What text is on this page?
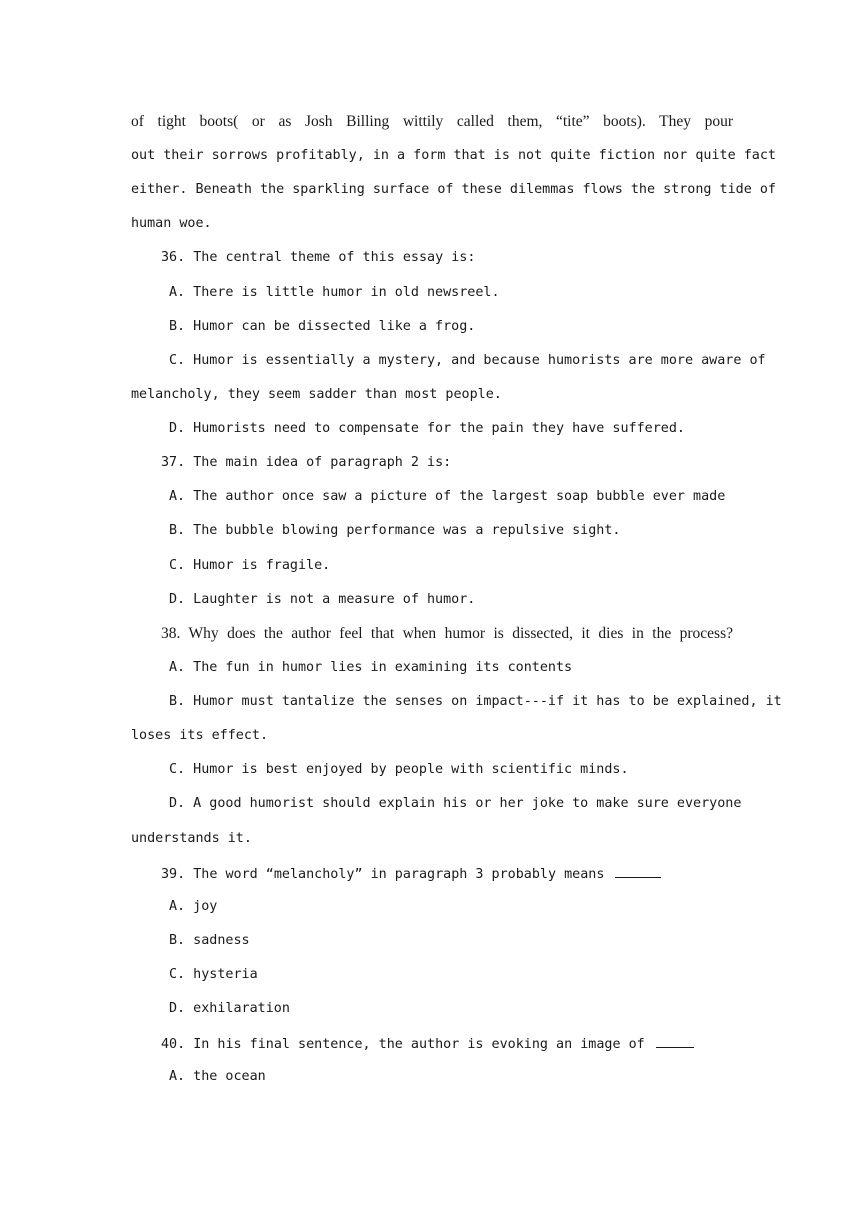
of tight boots( or as Josh Billing wittily called them, “tite” boots). They pour
out their sorrows profitably, in a form that is not quite fiction nor quite fact
either. Beneath the sparkling surface of these dilemmas flows the strong tide of
human woe.
36. The central theme of this essay is:
A. There is little humor in old newsreel.
B. Humor can be dissected like a frog.
C. Humor is essentially a mystery, and because humorists are more aware of
melancholy, they seem sadder than most people.
D. Humorists need to compensate for the pain they have suffered.
37. The main idea of paragraph 2 is:
A. The author once saw a picture of the largest soap bubble ever made
B. The bubble blowing performance was a repulsive sight.
C. Humor is fragile.
D. Laughter is not a measure of humor.
38. Why does the author feel that when humor is dissected, it dies in the process?
A. The fun in humor lies in examining its contents
B. Humor must tantalize the senses on impact---if it has to be explained, it
loses its effect.
C. Humor is best enjoyed by people with scientific minds.
D. A good humorist should explain his or her joke to make sure everyone
understands it.
39. The word “melancholy” in paragraph 3 probably means
A. joy
B. sadness
C. hysteria
D. exhilaration
40. In his final sentence, the author is evoking an image of
A. the ocean
